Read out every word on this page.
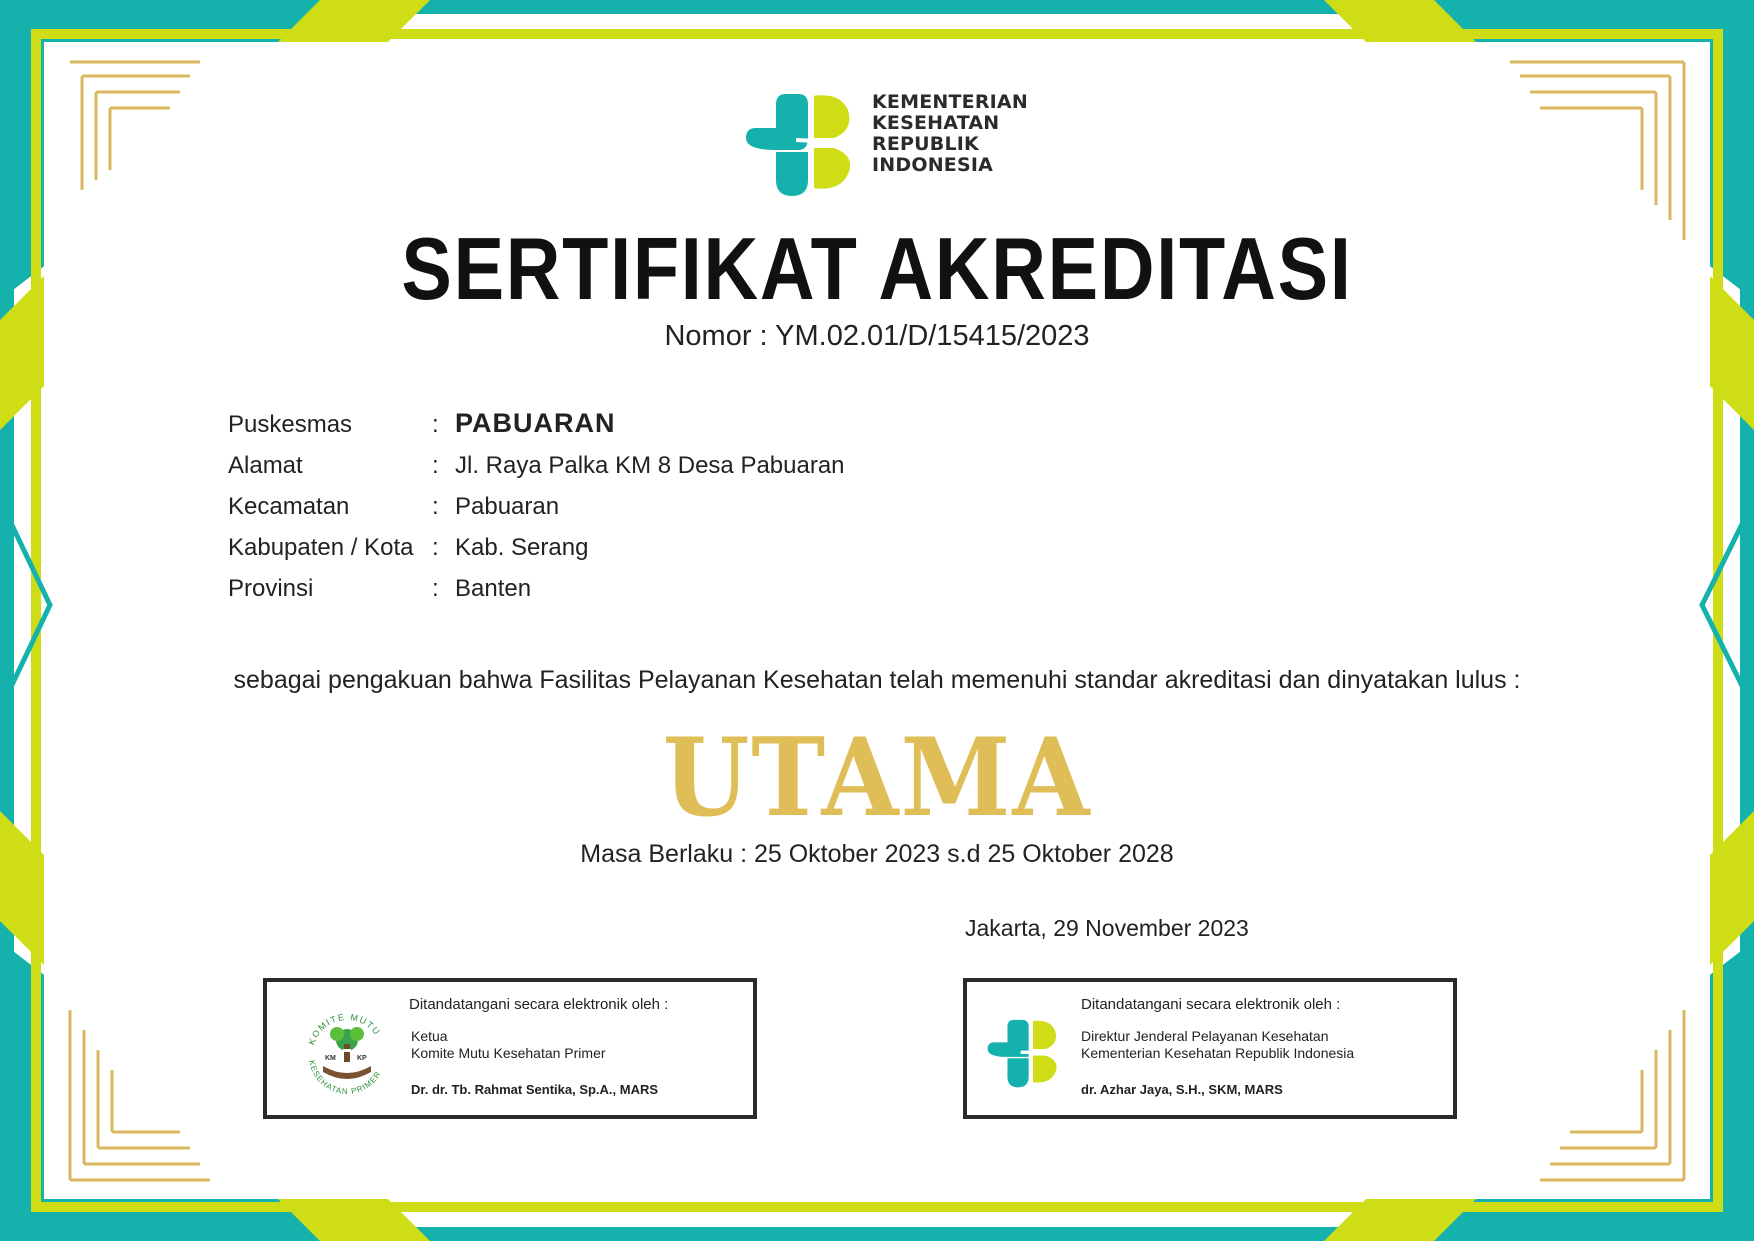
KEMENTERIAN
KESEHATAN
REPUBLIK
INDONESIA
SERTIFIKAT AKREDITASI
Nomor : YM.02.01/D/15415/2023
Puskesmas	: PABUARAN
Alamat	: Jl. Raya Palka KM 8 Desa Pabuaran
Kecamatan	: Pabuaran
Kabupaten / Kota : Kab. Serang
Provinsi	: Banten
sebagai pengakuan bahwa Fasilitas Pelayanan Kesehatan telah memenuhi standar akreditasi dan dinyatakan lulus :
UTAMA
Masa Berlaku : 25 Oktober 2023 s.d 25 Oktober 2028
Jakarta, 29 November 2023
KOMITE MUTU
KESEHATAN PRIMER
KM	KP
Ditandatangani secara elektronik oleh :
Ketua
Komite Mutu Kesehatan Primer
Dr. dr. Tb. Rahmat Sentika, Sp.A., MARS
Ditandatangani secara elektronik oleh :
Direktur Jenderal Pelayanan Kesehatan
Kementerian Kesehatan Republik Indonesia
dr. Azhar Jaya, S.H., SKM, MARS
